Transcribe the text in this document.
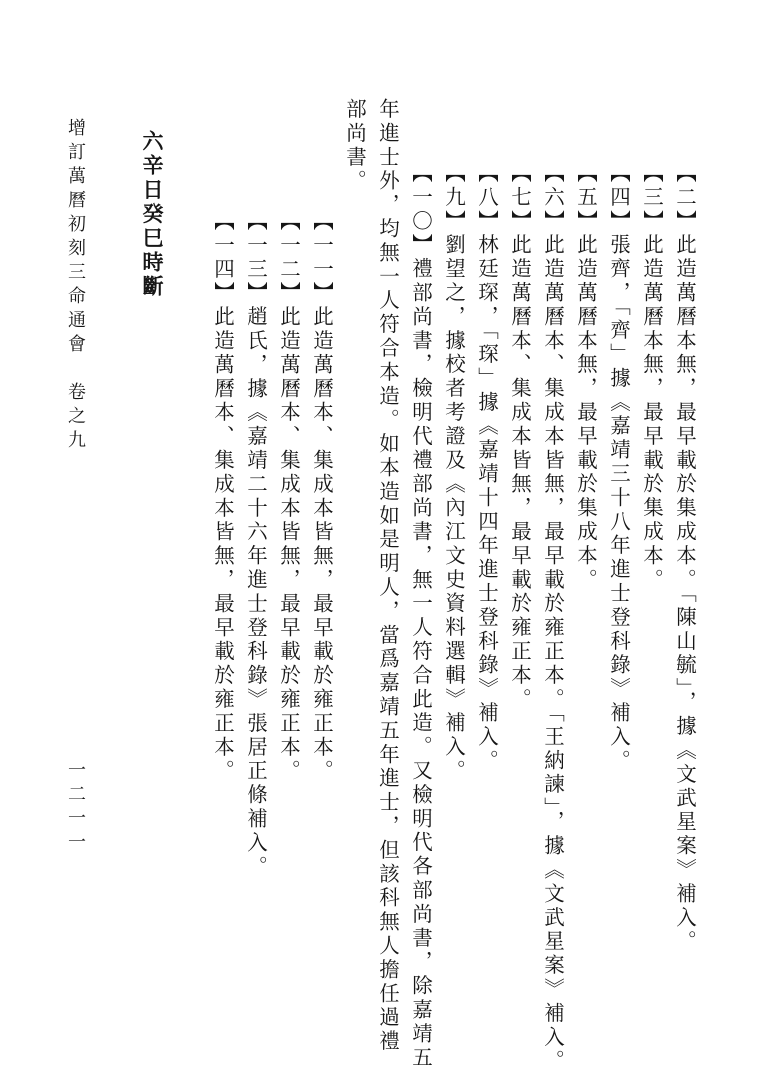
【二】此造萬曆本無，最早載於集成本。「陳山毓」，據《文武星案》補入。
【三】此造萬曆本無，最早載於集成本。
【四】張齊，「齊」據《嘉靖三十八年進士登科錄》補入。
【五】此造萬曆本無，最早載於集成本。
【六】此造萬曆本、集成本皆無，最早載於雍正本。「王納諫」，據《文武星案》補入。
【七】此造萬曆本、集成本皆無，最早載於雍正本。
【八】林廷琛，「琛」據《嘉靖十四年進士登科錄》補入。
【九】劉望之，據校者考證及《內江文史資料選輯》補入。
【一〇】禮部尚書，檢明代禮部尚書，無一人符合此造。又檢明代各部尚書，除嘉靖五
年進士外，均無一人符合本造。如本造如是明人，當爲嘉靖五年進士，但該科無人擔任過禮
部尚書。
【一一】此造萬曆本、集成本皆無，最早載於雍正本。
【一二】此造萬曆本、集成本皆無，最早載於雍正本。
【一三】趙氏，據《嘉靖二十六年進士登科錄》張居正條補入。
【一四】此造萬曆本、集成本皆無，最早載於雍正本。
六辛日癸巳時斷
增訂萬曆初刻三命通會　卷之九
一二一一
